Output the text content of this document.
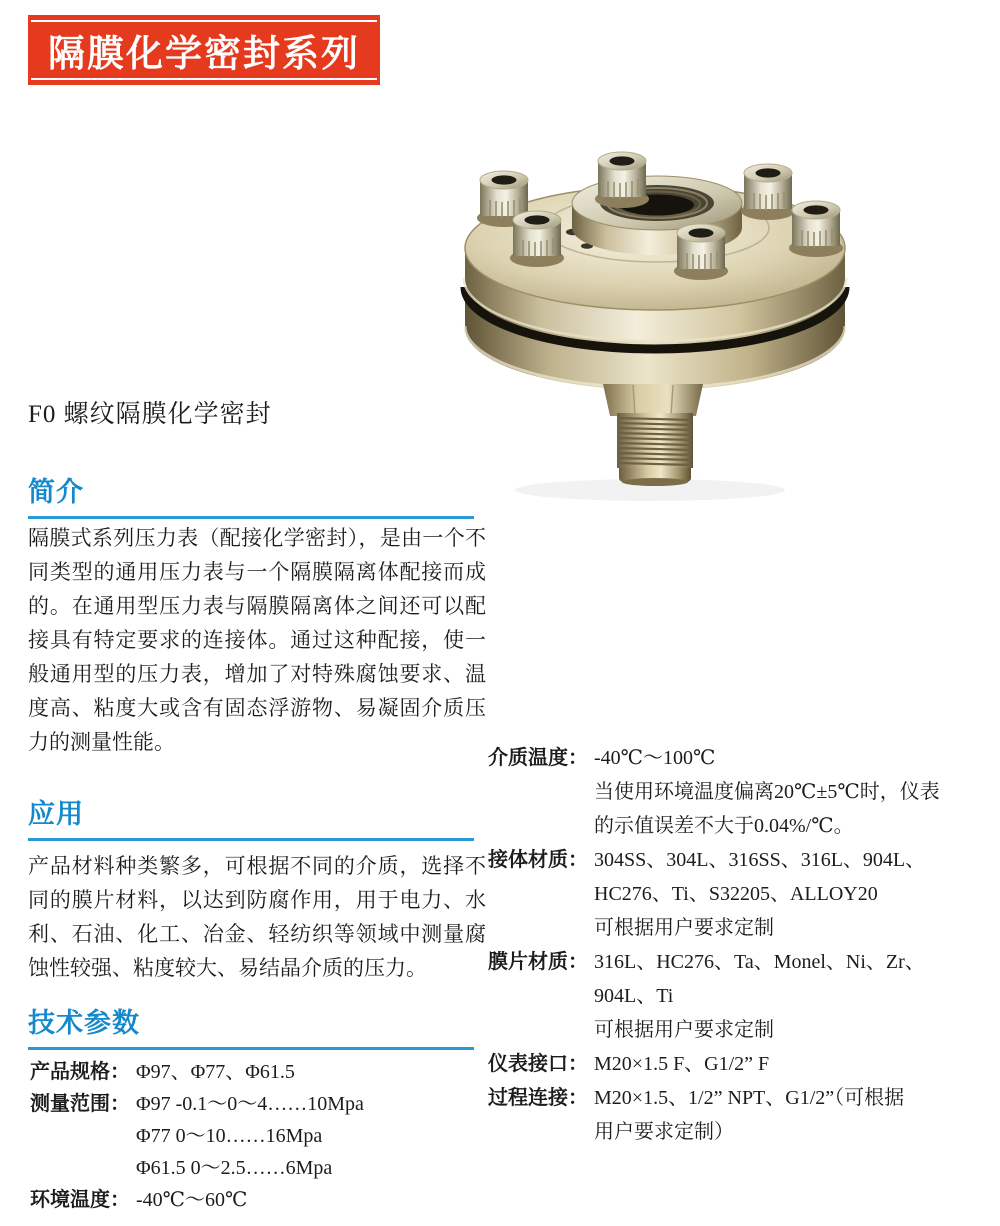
隔膜化学密封系列
F0 螺纹隔膜化学密封
简介
隔膜式系列压力表（配接化学密封），是由一个不同类型的通用压力表与一个隔膜隔离体配接而成的。在通用型压力表与隔膜隔离体之间还可以配接具有特定要求的连接体。通过这种配接，使一般通用型的压力表，增加了对特殊腐蚀要求、温度高、粘度大或含有固态浮游物、易凝固介质压力的测量性能。
应用
产品材料种类繁多，可根据不同的介质，选择不同的膜片材料，以达到防腐作用，用于电力、水利、石油、化工、冶金、轻纺织等领域中测量腐蚀性较强、粘度较大、易结晶介质的压力。
技术参数
产品规格： Φ97、Φ77、Φ61.5
测量范围： Φ97 -0.1～0～4……10Mpa
Φ77 0～10……16Mpa
Φ61.5 0～2.5……6Mpa
环境温度： -40℃～60℃
介质温度： -40℃～100℃
当使用环境温度偏离20℃±5℃时，仪表
的示值误差不大于0.04%/℃。
接体材质： 304SS、304L、316SS、316L、904L、
HC276、Ti、S32205、ALLOY20
可根据用户要求定制
膜片材质： 316L、HC276、Ta、Monel、Ni、Zr、
904L、Ti
可根据用户要求定制
仪表接口： M20×1.5 F、G1/2” F
过程连接： M20×1.5、1/2” NPT、G1/2”（可根据
用户要求定制）
